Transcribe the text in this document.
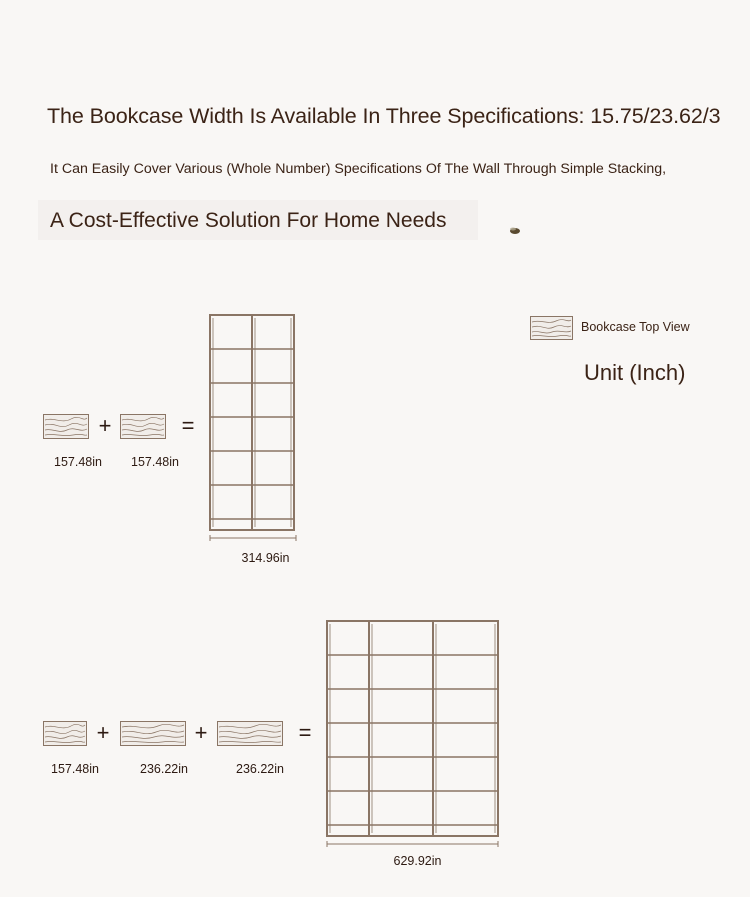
The Bookcase Width Is Available In Three Specifications: 15.75/23.62/3
It Can Easily Cover Various (Whole Number) Specifications Of The Wall Through Simple Stacking,
A Cost-Effective Solution For Home Needs
Bookcase Top View
Unit (Inch)
+	=
157.48in	157.48in
314.96in
+	+	=
157.48in	236.22in	236.22in
629.92in
